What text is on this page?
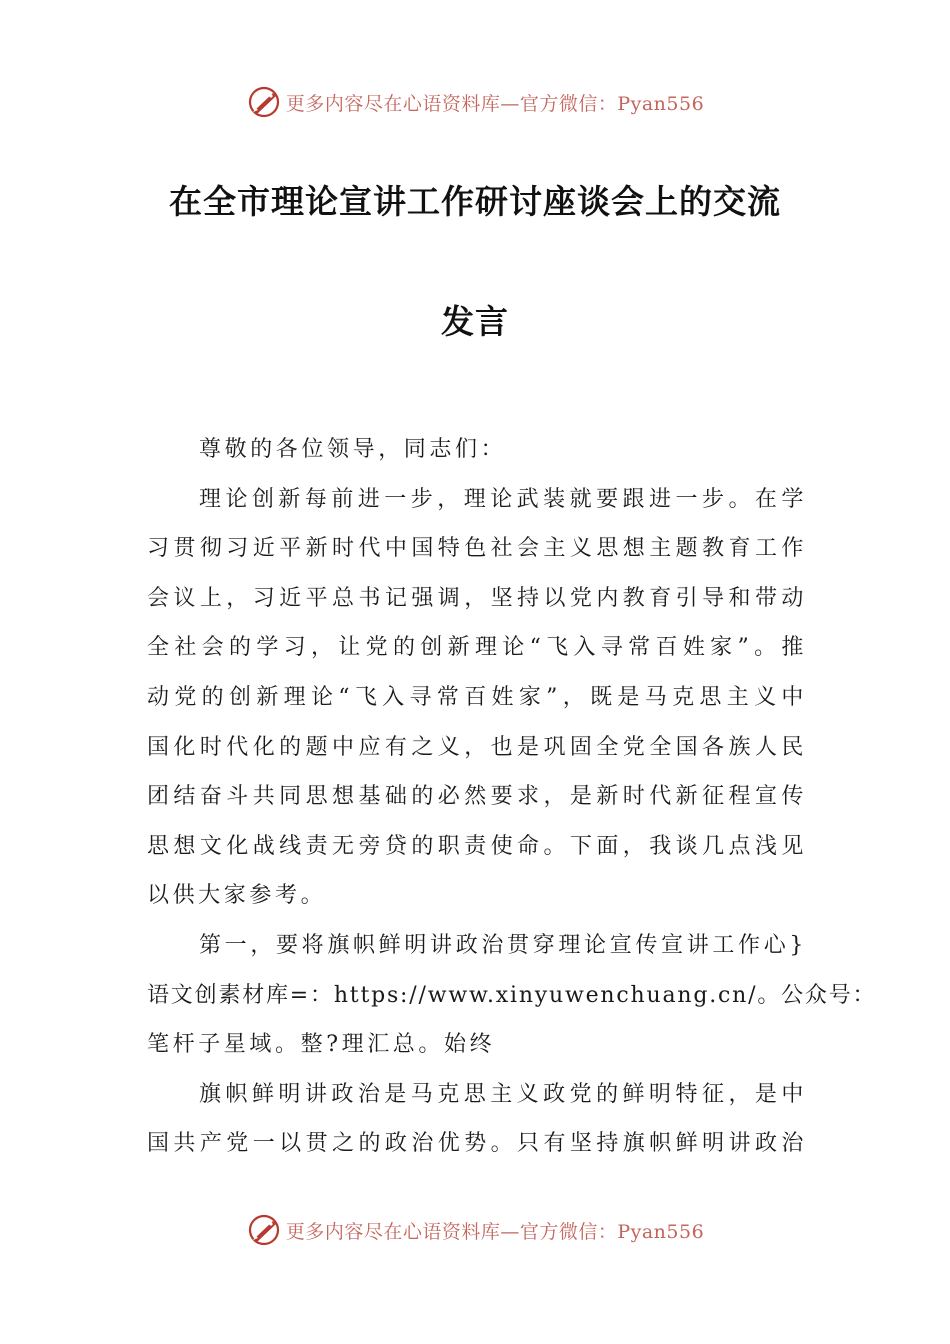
更多内容尽在心语资料库—官方微信：Pyan556
在全市理论宣讲工作研讨座谈会上的交流
发言
尊敬的各位领导，同志们：
理论创新每前进一步，理论武装就要跟进一步。在学
习贯彻习近平新时代中国特色社会主义思想主题教育工作
会议上，习近平总书记强调，坚持以党内教育引导和带动
全社会的学习，让党的创新理论“飞入寻常百姓家”。推
动党的创新理论“飞入寻常百姓家”，既是马克思主义中
国化时代化的题中应有之义，也是巩固全党全国各族人民
团结奋斗共同思想基础的必然要求，是新时代新征程宣传
思想文化战线责无旁贷的职责使命。下面，我谈几点浅见
以供大家参考。
第一，要将旗帜鲜明讲政治贯穿理论宣传宣讲工作心}
语文创素材库=：https://www.xinyuwenchuang.cn/。公众号：
笔杆子星域。整?理汇总。始终
旗帜鲜明讲政治是马克思主义政党的鲜明特征，是中
国共产党一以贯之的政治优势。只有坚持旗帜鲜明讲政治
更多内容尽在心语资料库—官方微信：Pyan556
